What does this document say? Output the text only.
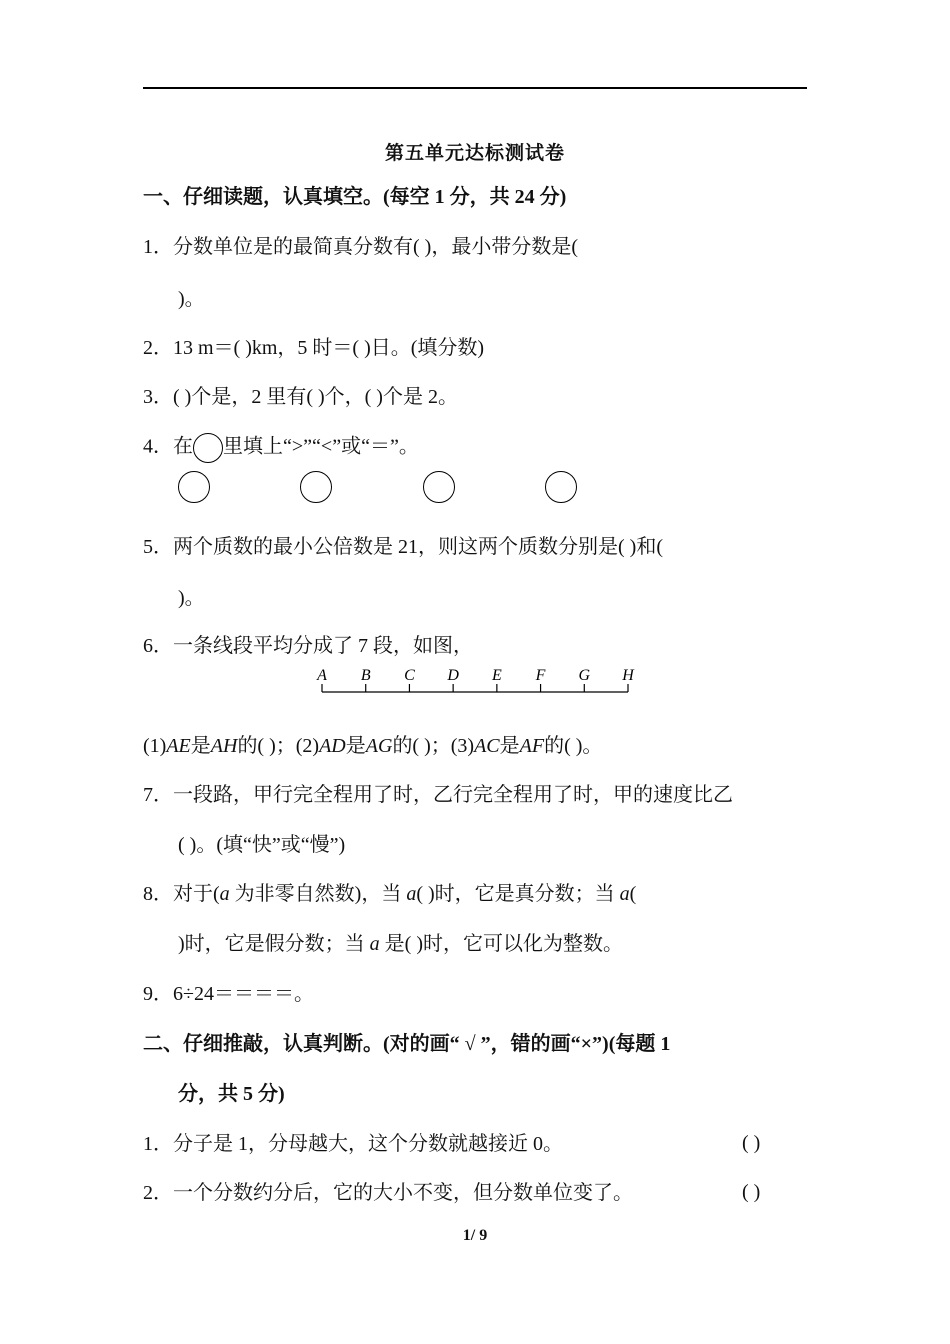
第五单元达标测试卷
一、仔细读题，认真填空。(每空 1 分，共 24 分)
1．分数单位是的最简真分数有( )，最小带分数是(
)。
2．13 m＝( )km，5 时＝( )日。(填分数)
3．( )个是，2 里有( )个，( )个是 2。
4．在 里填上“>”“<”或“＝”。
5．两个质数的最小公倍数是 21，则这两个质数分别是( )和(
)。
6．一条线段平均分成了 7 段，如图，
A B C D E F G H
(1)AE是AH的( )；(2)AD是AG的( )；(3)AC是AF的( )。
7．一段路，甲行完全程用了时，乙行完全程用了时，甲的速度比乙
( )。(填“快”或“慢”)
8．对于(a 为非零自然数)，当 a( )时，它是真分数；当 a(
)时，它是假分数；当 a 是( )时，它可以化为整数。
9．6÷24＝＝＝＝。
二、仔细推敲，认真判断。(对的画“ √ ”，错的画“×”)(每题 1
分，共 5 分)
1．分子是 1，分母越大，这个分数就越接近 0。	( )
2．一个分数约分后，它的大小不变，但分数单位变了。	( )
1/ 9
